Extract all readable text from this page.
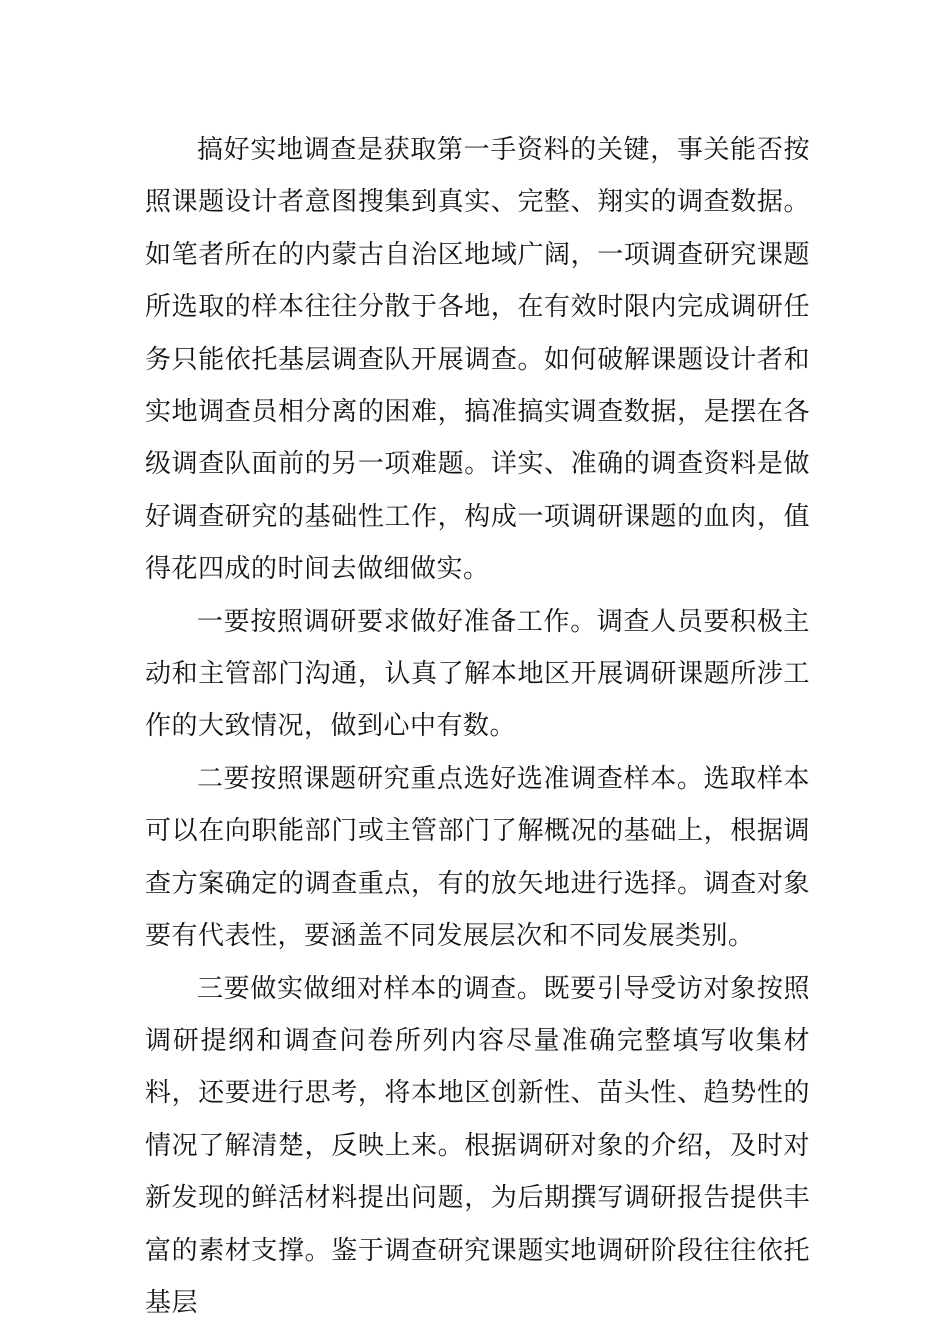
搞好实地调查是获取第一手资料的关键，事关能否按照课题设计者意图搜集到真实、完整、翔实的调查数据。如笔者所在的内蒙古自治区地域广阔，一项调查研究课题所选取的样本往往分散于各地，在有效时限内完成调研任务只能依托基层调查队开展调查。如何破解课题设计者和实地调查员相分离的困难，搞准搞实调查数据，是摆在各级调查队面前的另一项难题。详实、准确的调查资料是做好调查研究的基础性工作，构成一项调研课题的血肉，值得花四成的时间去做细做实。

一要按照调研要求做好准备工作。调查人员要积极主动和主管部门沟通，认真了解本地区开展调研课题所涉工作的大致情况，做到心中有数。

二要按照课题研究重点选好选准调查样本。选取样本可以在向职能部门或主管部门了解概况的基础上，根据调查方案确定的调查重点，有的放矢地进行选择。调查对象要有代表性，要涵盖不同发展层次和不同发展类别。

三要做实做细对样本的调查。既要引导受访对象按照调研提纲和调查问卷所列内容尽量准确完整填写收集材料，还要进行思考，将本地区创新性、苗头性、趋势性的情况了解清楚，反映上来。根据调研对象的介绍，及时对新发现的鲜活材料提出问题，为后期撰写调研报告提供丰富的素材支撑。鉴于调查研究课题实地调研阶段往往依托基层
